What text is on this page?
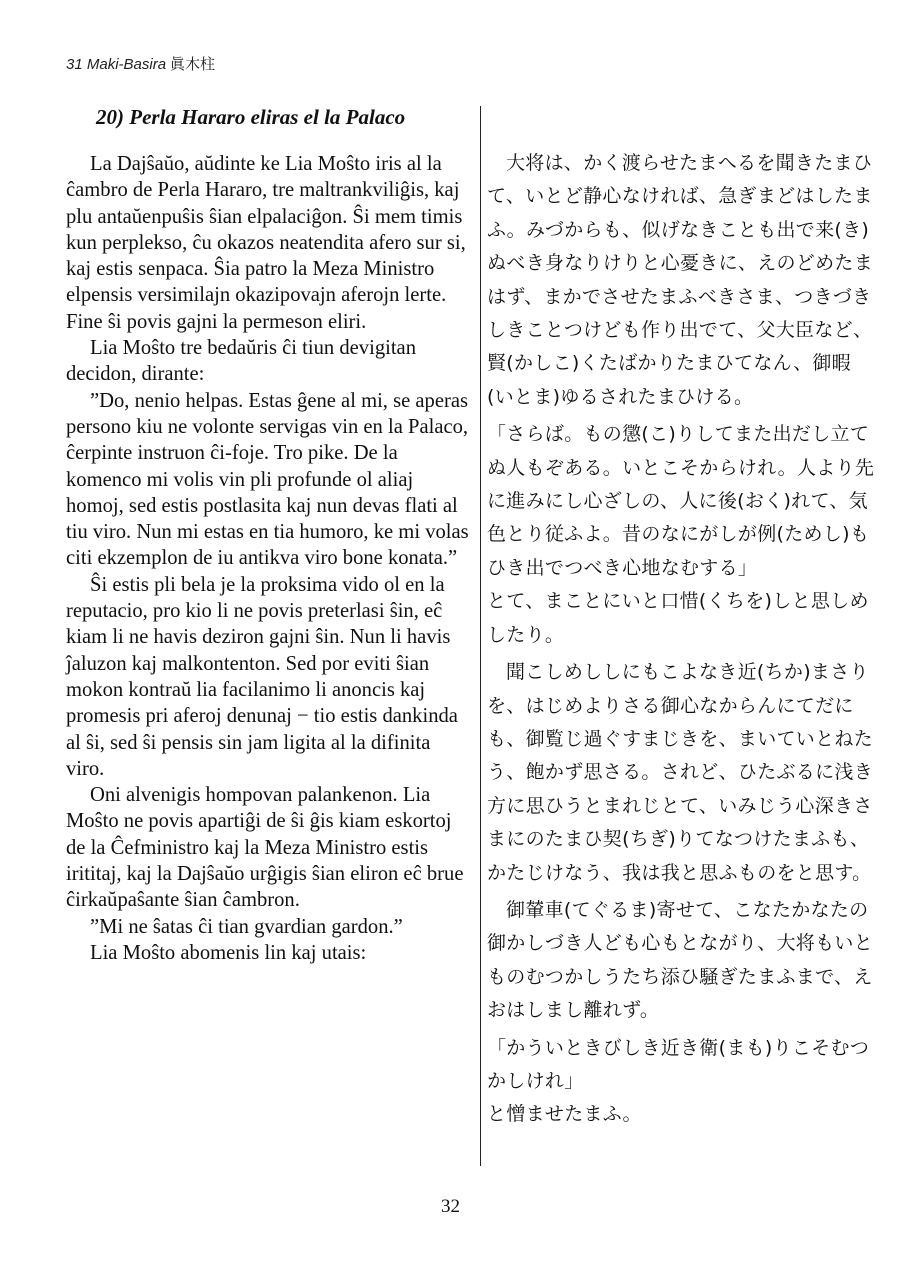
31 Maki-Basira 眞木柱
20) Perla Hararo eliras el la Palaco

La Dajŝaŭo, aŭdinte ke Lia Moŝto iris al la ĉambro de Perla Hararo, tre maltrankviliĝis, kaj plu antaŭenpuŝis ŝian elpalaciĝon. Ŝi mem timis kun perplekso, ĉu okazos neatendita afero sur si, kaj estis senpaca. Ŝia patro la Meza Ministro elpensis versimilajn okazipovajn aferojn lerte. Fine ŝi povis gajni la permeson eliri.

Lia Moŝto tre bedaŭris ĉi tiun devigitan decidon, dirante:

”Do, nenio helpas. Estas ĝene al mi, se aperas persono kiu ne volonte servigas vin en la Palaco, ĉerpinte instruon ĉi-foje. Tro pike. De la komenco mi volis vin pli profunde ol aliaj homoj, sed estis postlasita kaj nun devas flati al tiu viro. Nun mi estas en tia humoro, ke mi volas citi ekzemplon de iu antikva viro bone konata.”

Ŝi estis pli bela je la proksima vido ol en la reputacio, pro kio li ne povis preterlasi ŝin, eĉ kiam li ne havis deziron gajni ŝin. Nun li havis ĵaluzon kaj malkontenton. Sed por eviti ŝian mokon kontraŭ lia facilanimo li anoncis kaj promesis pri aferoj denunaj − tio estis dankinda al ŝi, sed ŝi pensis sin jam ligita al la difinita viro.

Oni alvenigis hompovan palankenon. Lia Moŝto ne povis apartiĝi de ŝi ĝis kiam eskortoj de la Ĉefministro kaj la Meza Ministro estis irititaj, kaj la Dajŝaŭo urĝigis ŝian eliron eĉ brue ĉirkaŭpaŝante ŝian ĉambron.

”Mi ne ŝatas ĉi tian gvardian gardon.”

Lia Moŝto abomenis lin kaj utais:

大将は、かく渡らせたまへるを聞きたまひて、いとど静心なければ、急ぎまどはしたまふ。みづからも、似げなきことも出で来(き)ぬべき身なりけりと心憂きに、えのどめたまはず、まかでさせたまふべきさま、つきづきしきことつけども作り出でて、父大臣など、賢(かしこ)くたばかりたまひてなん、御暇(いとま)ゆるされたまひける。

「さらば。もの懲(こ)りしてまた出だし立てぬ人もぞある。いとこそからけれ。人より先に進みにし心ざしの、人に後(おく)れて、気色とり従ふよ。昔のなにがしが例(ためし)もひき出でつべき心地なむする」

とて、まことにいと口惜(くちを)しと思しめしたり。

聞こしめししにもこよなき近(ちか)まさりを、はじめよりさる御心なからんにてだにも、御覧じ過ぐすまじきを、まいていとねたう、飽かず思さる。されど、ひたぶるに浅き方に思ひうとまれじとて、いみじう心深きさまにのたまひ契(ちぎ)りてなつけたまふも、かたじけなう、我は我と思ふものをと思す。

御輦車(てぐるま)寄せて、こなたかなたの御かしづき人ども心もとながり、大将もいとものむつかしうたち添ひ騒ぎたまふまで、えおはしまし離れず。

「かういときびしき近き衛(まも)りこそむつかしけれ」

と憎ませたまふ。

32
